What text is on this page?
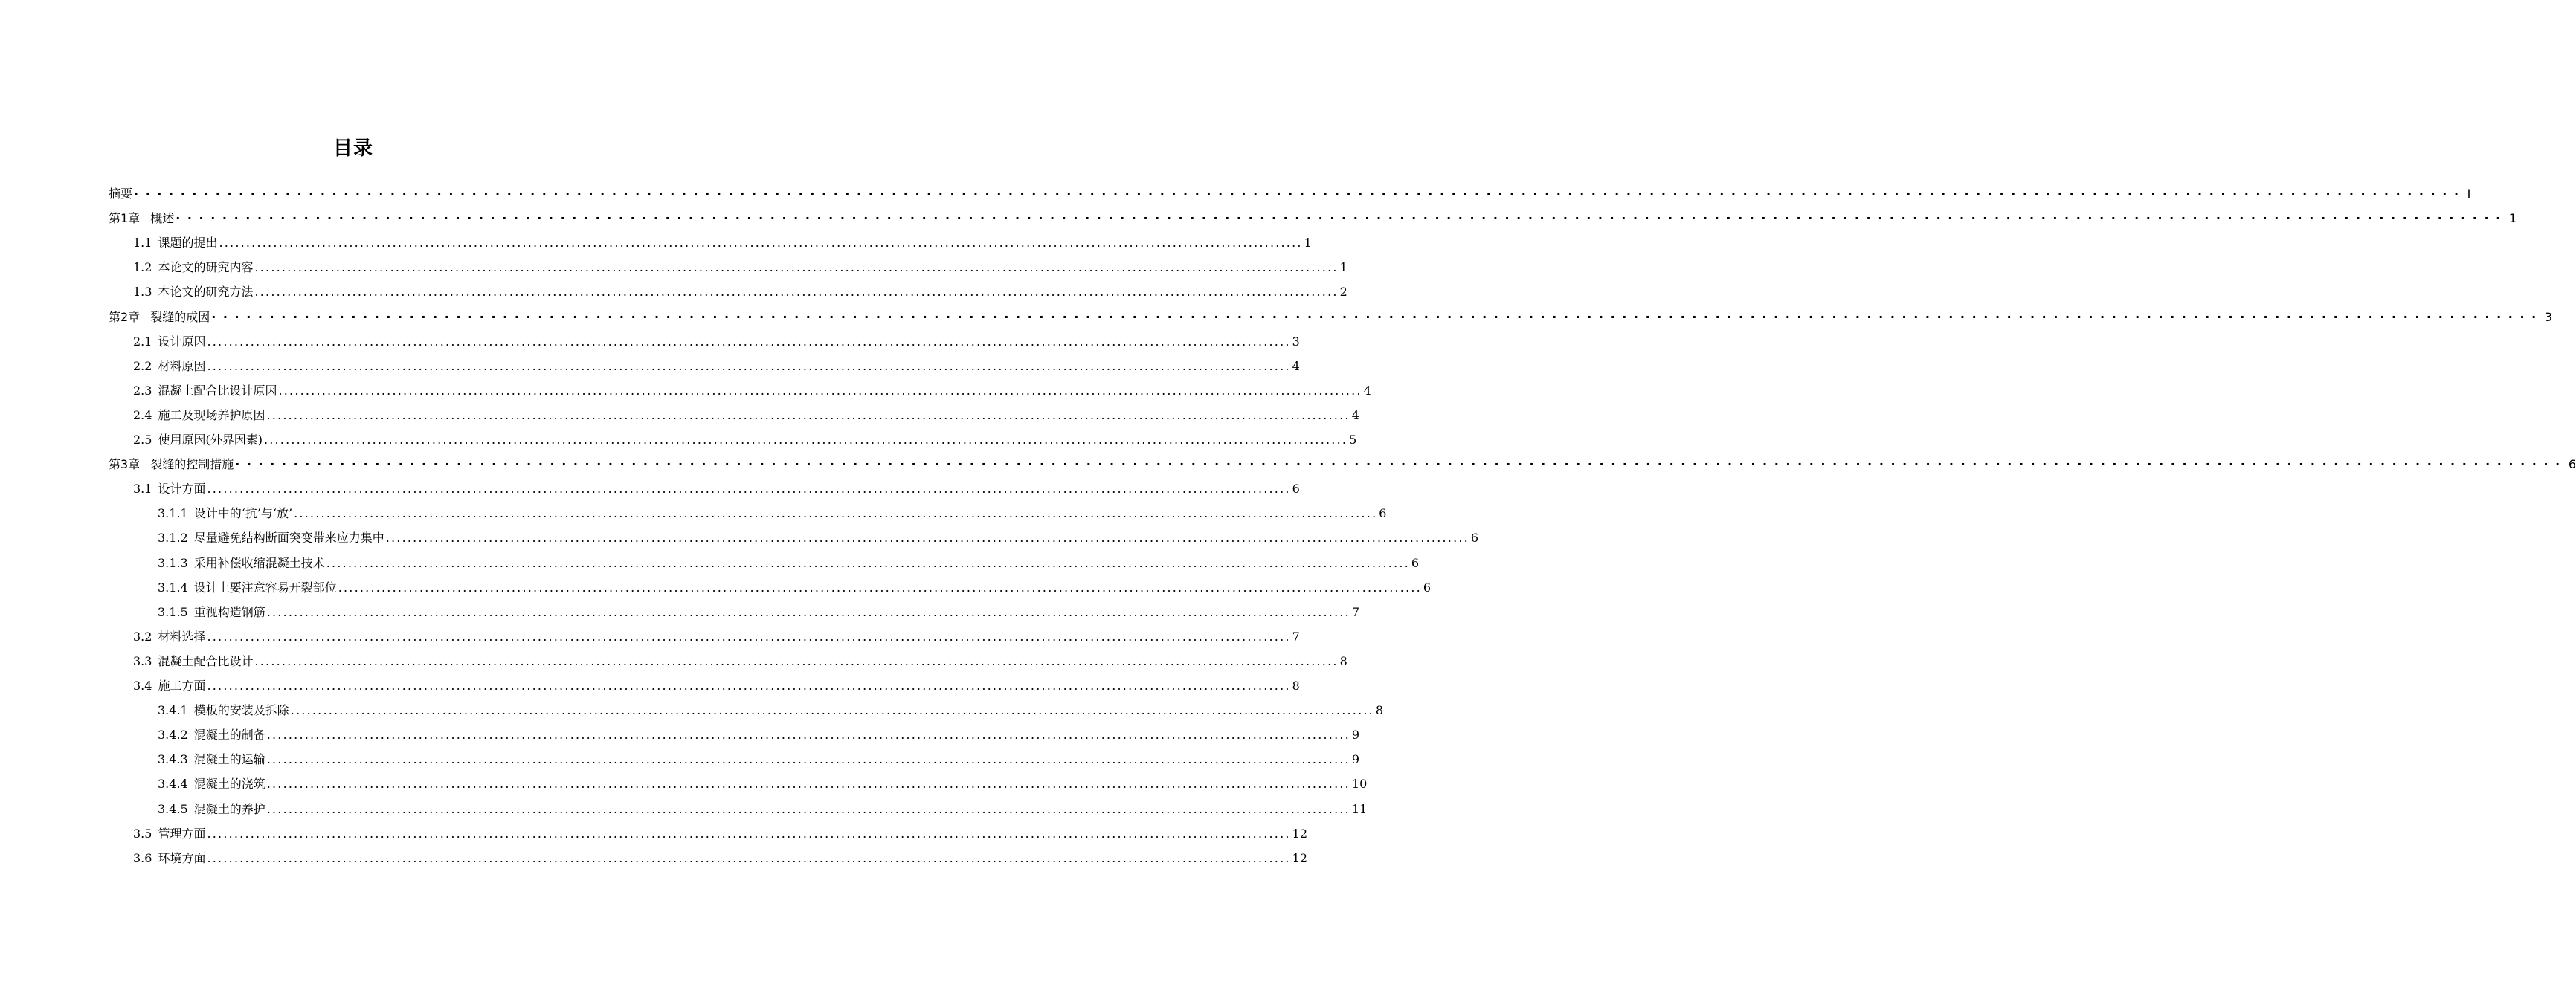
目录
摘要 ········································································································································································································ I
第1章 概述 ········································································································································································································ 1
1.1 课题的提出 ........................................................................................................................................................................................................ 1
1.2 本论文的研究内容 ........................................................................................................................................................................................................ 1
1.3 本论文的研究方法 ........................................................................................................................................................................................................ 2
第2章 裂缝的成因 ········································································································································································································ 3
2.1 设计原因 ........................................................................................................................................................................................................ 3
2.2 材料原因 ........................................................................................................................................................................................................ 4
2.3 混凝土配合比设计原因 ........................................................................................................................................................................................................ 4
2.4 施工及现场养护原因 ........................................................................................................................................................................................................ 4
2.5 使用原因(外界因素) ........................................................................................................................................................................................................ 5
第3章 裂缝的控制措施 ········································································································································································································ 6
3.1 设计方面 ........................................................................................................................................................................................................ 6
3.1.1 设计中的‘抗’与‘放’ ........................................................................................................................................................................................................ 6
3.1.2 尽量避免结构断面突变带来应力集中 ........................................................................................................................................................................................................ 6
3.1.3 采用补偿收缩混凝土技术 ........................................................................................................................................................................................................ 6
3.1.4 设计上要注意容易开裂部位 ........................................................................................................................................................................................................ 6
3.1.5 重视构造钢筋 ........................................................................................................................................................................................................ 7
3.2 材料选择 ........................................................................................................................................................................................................ 7
3.3 混凝土配合比设计 ........................................................................................................................................................................................................ 8
3.4 施工方面 ........................................................................................................................................................................................................ 8
3.4.1 模板的安装及拆除 ........................................................................................................................................................................................................ 8
3.4.2 混凝土的制备 ........................................................................................................................................................................................................ 9
3.4.3 混凝土的运输 ........................................................................................................................................................................................................ 9
3.4.4 混凝土的浇筑 ........................................................................................................................................................................................................ 10
3.4.5 混凝土的养护 ........................................................................................................................................................................................................ 11
3.5 管理方面 ........................................................................................................................................................................................................ 12
3.6 环境方面 ........................................................................................................................................................................................................ 12
